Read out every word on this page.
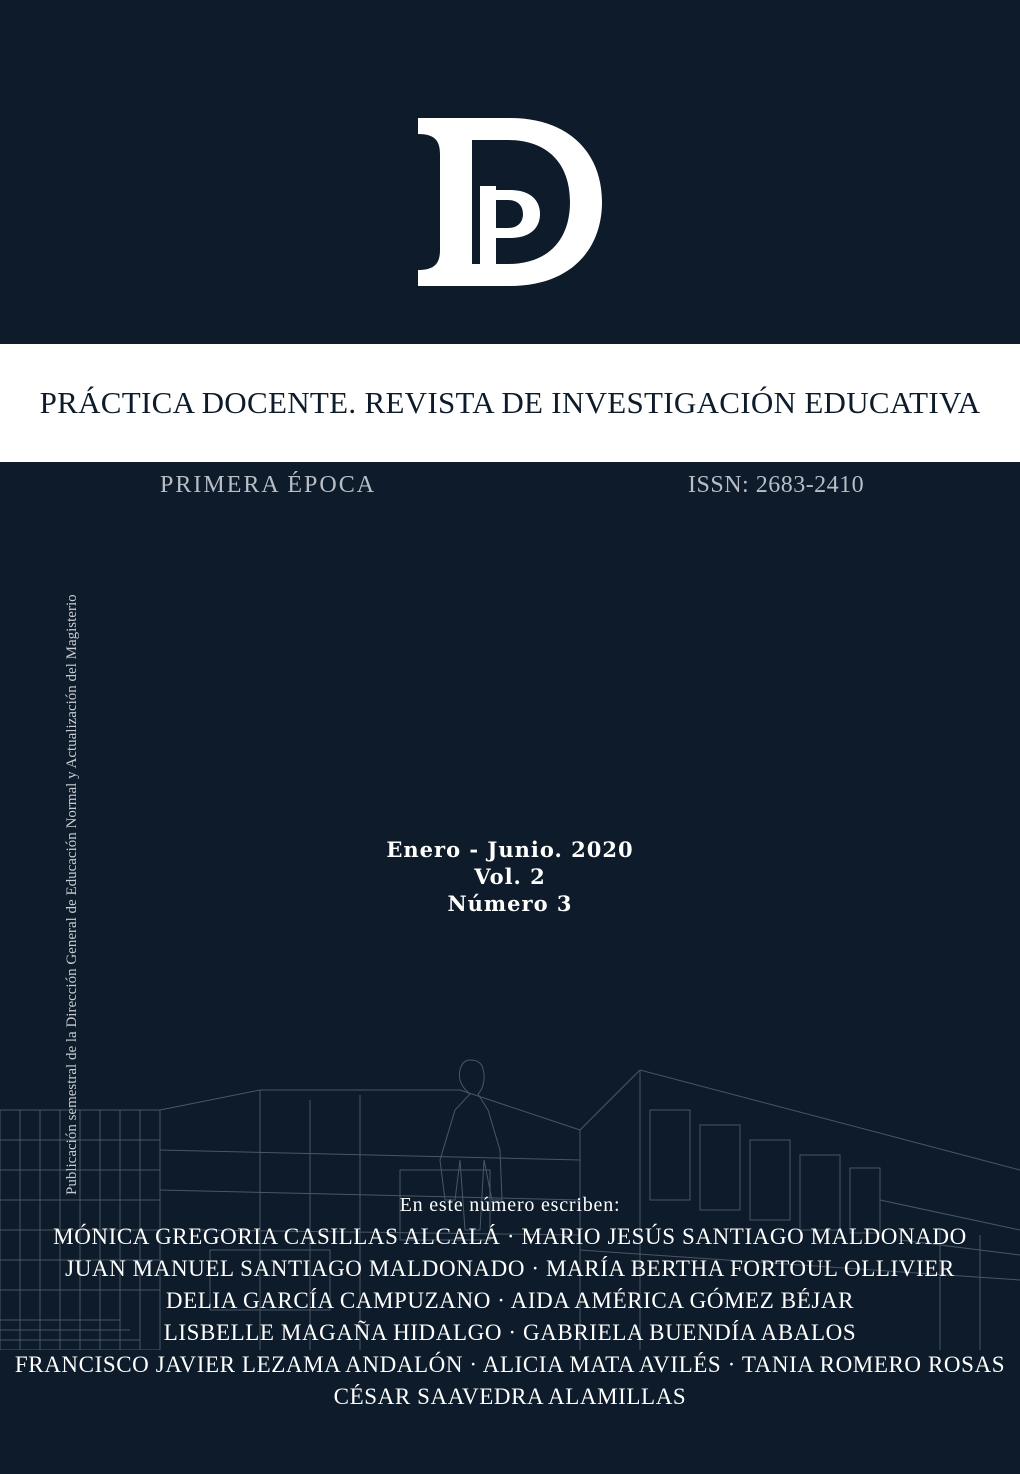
PRÁCTICA DOCENTE. REVISTA DE INVESTIGACIÓN EDUCATIVA
PRIMERA ÉPOCA	ISSN: 2683-2410
Publicación semestral de la Dirección General de Educación Normal y Actualización del Magisterio	Enero - Junio. 2020
Vol. 2
Número 3
En este número escriben:
MÓNICA GREGORIA CASILLAS ALCALÁ · MARIO JESÚS SANTIAGO MALDONADO
JUAN MANUEL SANTIAGO MALDONADO · MARÍA BERTHA FORTOUL OLLIVIER
DELIA GARCÍA CAMPUZANO · AIDA AMÉRICA GÓMEZ BÉJAR
LISBELLE MAGAÑA HIDALGO · GABRIELA BUENDÍA ABALOS
FRANCISCO JAVIER LEZAMA ANDALÓN · ALICIA MATA AVILÉS · TANIA ROMERO ROSAS
CÉSAR SAAVEDRA ALAMILLAS
